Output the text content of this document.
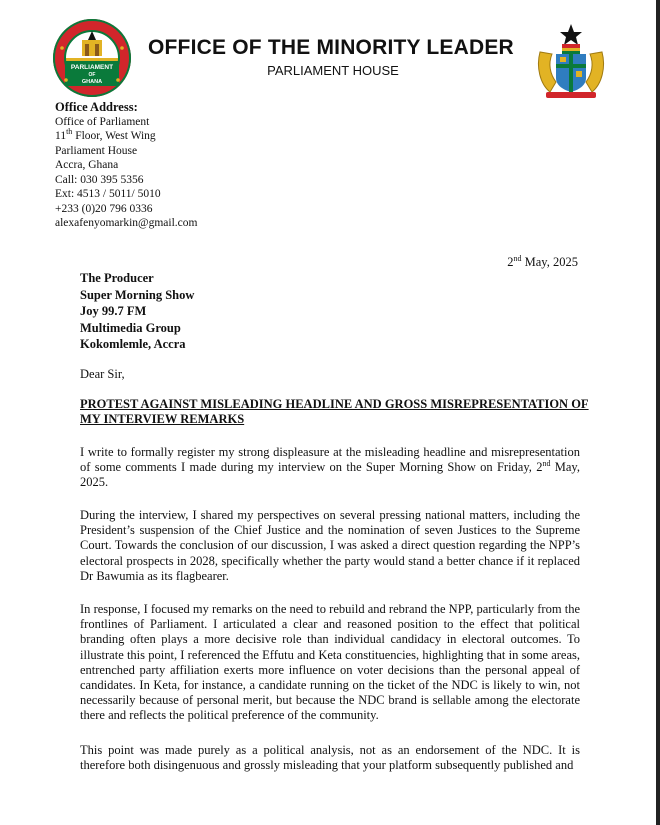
PARLIAMENT
OF
GHANA
OFFICE OF THE MINORITY LEADER
PARLIAMENT HOUSE
Office Address:
Office of Parliament
11th Floor, West Wing
Parliament House
Accra, Ghana
Call: 030 395 5356
Ext: 4513 / 5011/ 5010
+233 (0)20 796 0336
alexafenyomarkin@gmail.com
2nd May, 2025
The Producer
Super Morning Show
Joy 99.7 FM
Multimedia Group
Kokomlemle, Accra
Dear Sir,
PROTEST AGAINST MISLEADING HEADLINE AND GROSS MISREPRESENTATION OF MY INTERVIEW REMARKS

I write to formally register my strong displeasure at the misleading headline and misrepresentation of some comments I made during my interview on the Super Morning Show on Friday, 2nd May, 2025.

During the interview, I shared my perspectives on several pressing national matters, including the President’s suspension of the Chief Justice and the nomination of seven Justices to the Supreme Court. Towards the conclusion of our discussion, I was asked a direct question regarding the NPP’s electoral prospects in 2028, specifically whether the party would stand a better chance if it replaced Dr Bawumia as its flagbearer.

In response, I focused my remarks on the need to rebuild and rebrand the NPP, particularly from the frontlines of Parliament. I articulated a clear and reasoned position to the effect that political branding often plays a more decisive role than individual candidacy in electoral outcomes. To illustrate this point, I referenced the Effutu and Keta constituencies, highlighting that in some areas, entrenched party affiliation exerts more influence on voter decisions than the personal appeal of candidates. In Keta, for instance, a candidate running on the ticket of the NDC is likely to win, not necessarily because of personal merit, but because the NDC brand is sellable among the electorate there and reflects the political preference of the community.

This point was made purely as a political analysis, not as an endorsement of the NDC. It is therefore both disingenuous and grossly misleading that your platform subsequently published and
